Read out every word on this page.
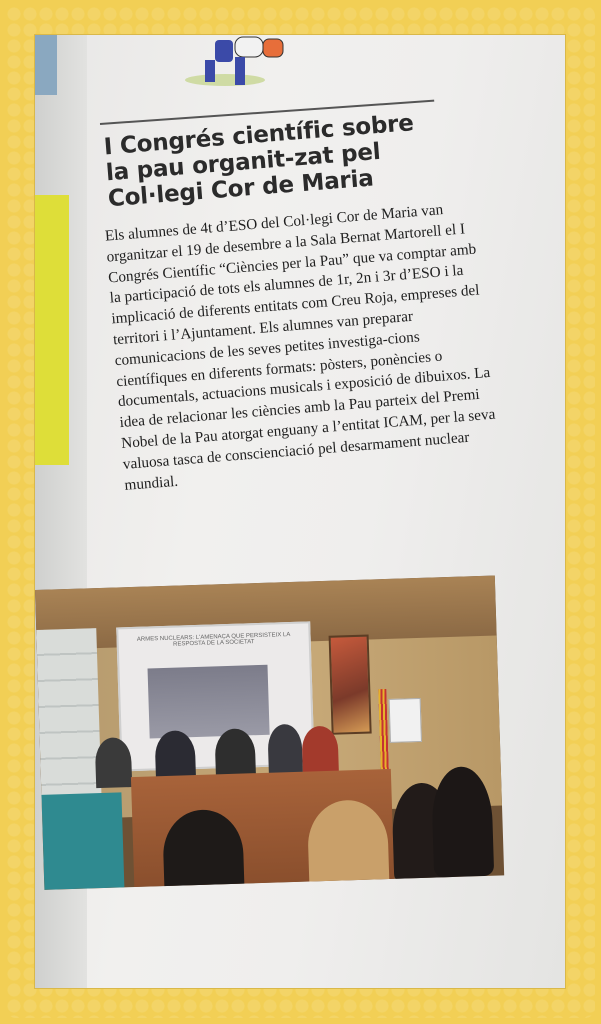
I Congrés científic sobre la pau organit-zat pel Col·legi Cor de Maria

Els alumnes de 4t d’ESO del Col·legi Cor de Maria van organitzar el 19 de desembre a la Sala Bernat Martorell el I Congrés Científic “Ciències per la Pau” que va comptar amb la participació de tots els alumnes de 1r, 2n i 3r d’ESO i la implicació de diferents entitats com Creu Roja, empreses del territori i l’Ajuntament. Els alumnes van preparar comunicacions de les seves petites investiga-cions científiques en diferents formats: pòsters, ponències o documentals, actuacions musicals i exposició de dibuixos. La idea de relacionar les ciències amb la Pau parteix del Premi Nobel de la Pau atorgat enguany a l’entitat ICAM, per la seva valuosa tasca de conscienciació pel desarmament nuclear mundial.

ARMES NUCLEARS: L'AMENAÇA QUE PERSISTEIX LA RESPOSTA DE LA SOCIETAT
